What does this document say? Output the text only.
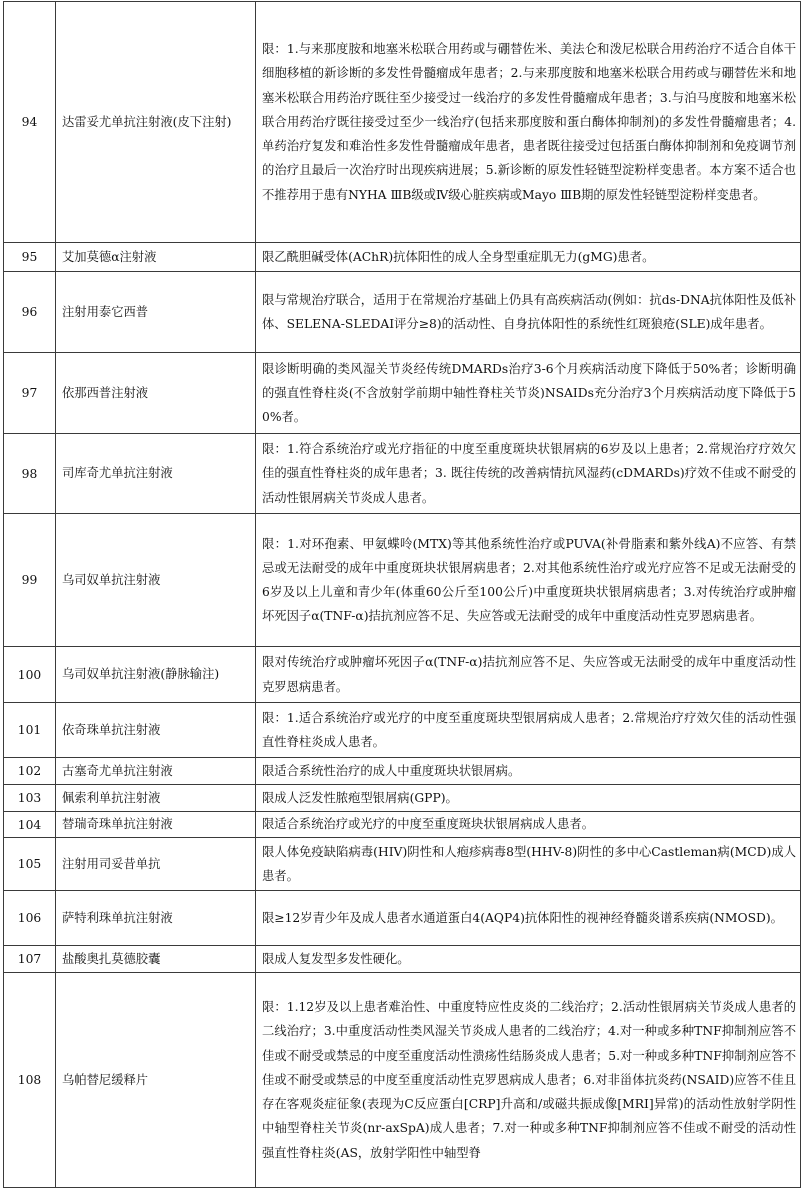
94	达雷妥尤单抗注射液(皮下注射)	限：1.与来那度胺和地塞米松联合用药或与硼替佐米、美法仑和泼尼松联合用药治疗不适合自体干细胞移植的新诊断的多发性骨髓瘤成年患者；2.与来那度胺和地塞米松联合用药或与硼替佐米和地塞米松联合用药治疗既往至少接受过一线治疗的多发性骨髓瘤成年患者；3.与泊马度胺和地塞米松联合用药治疗既往接受过至少一线治疗(包括来那度胺和蛋白酶体抑制剂)的多发性骨髓瘤患者；4.单药治疗复发和难治性多发性骨髓瘤成年患者，患者既往接受过包括蛋白酶体抑制剂和免疫调节剂的治疗且最后一次治疗时出现疾病进展；5.新诊断的原发性轻链型淀粉样变患者。本方案不适合也不推荐用于患有NYHA ⅢB级或Ⅳ级心脏疾病或Mayo ⅢB期的原发性轻链型淀粉样变患者。
95	艾加莫德α注射液	限乙酰胆碱受体(AChR)抗体阳性的成人全身型重症肌无力(gMG)患者。
96	注射用泰它西普	限与常规治疗联合，适用于在常规治疗基础上仍具有高疾病活动(例如：抗ds-DNA抗体阳性及低补体、SELENA-SLEDAI评分≥8)的活动性、自身抗体阳性的系统性红斑狼疮(SLE)成年患者。
97	依那西普注射液	限诊断明确的类风湿关节炎经传统DMARDs治疗3-6个月疾病活动度下降低于50%者；诊断明确的强直性脊柱炎(不含放射学前期中轴性脊柱关节炎)NSAIDs充分治疗3个月疾病活动度下降低于50%者。
98	司库奇尤单抗注射液	限：1.符合系统治疗或光疗指征的中度至重度斑块状银屑病的6岁及以上患者；2.常规治疗疗效欠佳的强直性脊柱炎的成年患者；3. 既往传统的改善病情抗风湿药(cDMARDs)疗效不佳或不耐受的活动性银屑病关节炎成人患者。
99	乌司奴单抗注射液	限：1.对环孢素、甲氨蝶呤(MTX)等其他系统性治疗或PUVA(补骨脂素和紫外线A)不应答、有禁忌或无法耐受的成年中重度斑块状银屑病患者；2.对其他系统性治疗或光疗应答不足或无法耐受的6岁及以上儿童和青少年(体重60公斤至100公斤)中重度斑块状银屑病患者；3.对传统治疗或肿瘤坏死因子α(TNF-α)拮抗剂应答不足、失应答或无法耐受的成年中重度活动性克罗恩病患者。
100	乌司奴单抗注射液(静脉输注)	限对传统治疗或肿瘤坏死因子α(TNF-α)拮抗剂应答不足、失应答或无法耐受的成年中重度活动性克罗恩病患者。
101	依奇珠单抗注射液	限：1.适合系统治疗或光疗的中度至重度斑块型银屑病成人患者；2.常规治疗疗效欠佳的活动性强直性脊柱炎成人患者。
102	古塞奇尤单抗注射液	限适合系统性治疗的成人中重度斑块状银屑病。
103	佩索利单抗注射液	限成人泛发性脓疱型银屑病(GPP)。
104	替瑞奇珠单抗注射液	限适合系统治疗或光疗的中度至重度斑块状银屑病成人患者。
105	注射用司妥昔单抗	限人体免疫缺陷病毒(HIV)阴性和人疱疹病毒8型(HHV-8)阴性的多中心Castleman病(MCD)成人患者。
106	萨特利珠单抗注射液	限≥12岁青少年及成人患者水通道蛋白4(AQP4)抗体阳性的视神经脊髓炎谱系疾病(NMOSD)。
107	盐酸奥扎莫德胶囊	限成人复发型多发性硬化。
108	乌帕替尼缓释片	限：1.12岁及以上患者难治性、中重度特应性皮炎的二线治疗；2.活动性银屑病关节炎成人患者的二线治疗；3.中重度活动性类风湿关节炎成人患者的二线治疗；4.对一种或多种TNF抑制剂应答不佳或不耐受或禁忌的中度至重度活动性溃疡性结肠炎成人患者；5.对一种或多种TNF抑制剂应答不佳或不耐受或禁忌的中度至重度活动性克罗恩病成人患者；6.对非甾体抗炎药(NSAID)应答不佳且存在客观炎症征象(表现为C反应蛋白[CRP]升高和/或磁共振成像[MRI]异常)的活动性放射学阴性中轴型脊柱关节炎(nr-axSpA)成人患者；7.对一种或多种TNF抑制剂应答不佳或不耐受的活动性强直性脊柱炎(AS，放射学阳性中轴型脊
